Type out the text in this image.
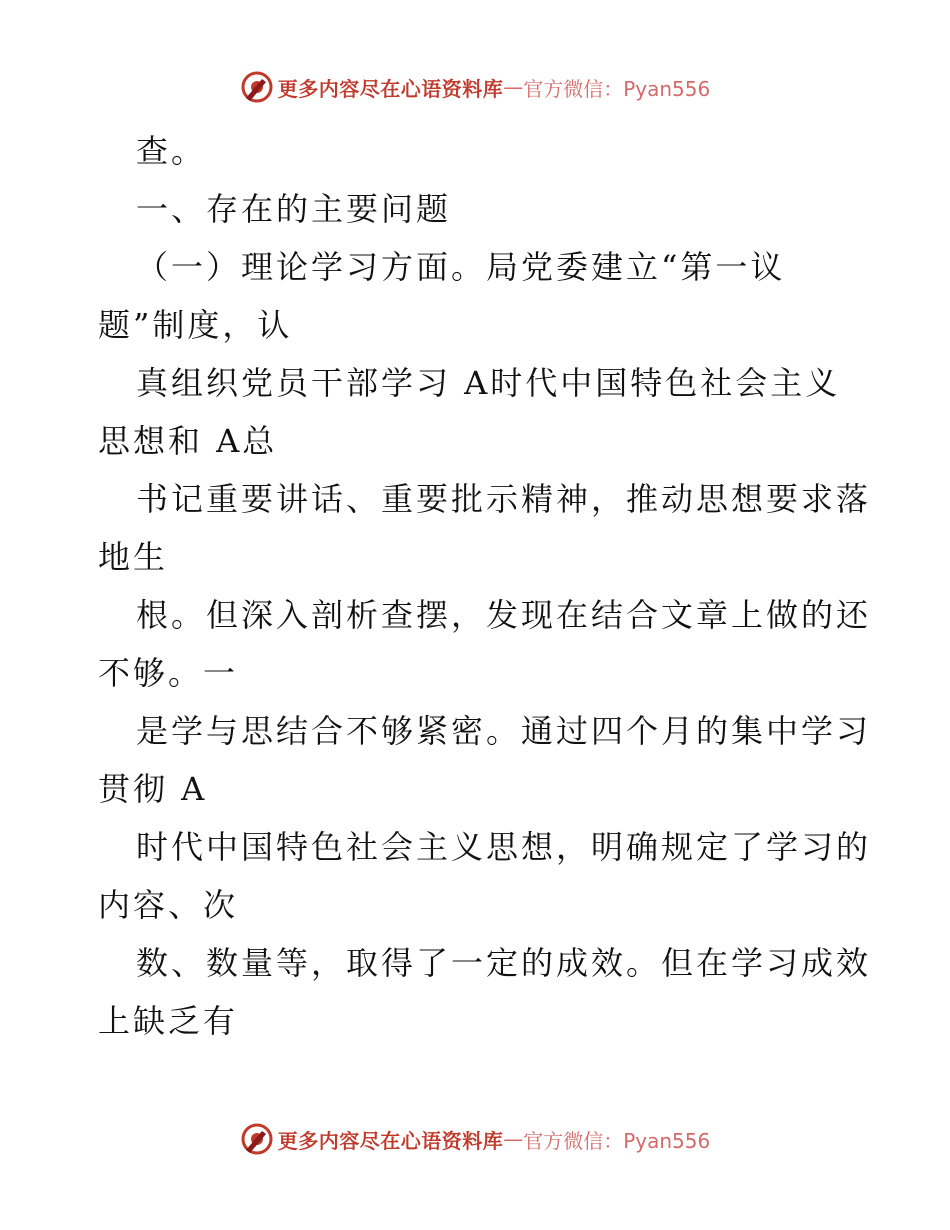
更多内容尽在心语资料库 — 官方微信：Pyan556
查。
一、存在的主要问题
（一）理论学习方面。局党委建立“第一议
题”制度，认
真组织党员干部学习 A时代中国特色社会主义
思想和 A总
书记重要讲话、重要批示精神，推动思想要求落
地生
根。但深入剖析查摆，发现在结合文章上做的还
不够。一
是学与思结合不够紧密。通过四个月的集中学习
贯彻 A
时代中国特色社会主义思想，明确规定了学习的
内容、次
数、数量等，取得了一定的成效。但在学习成效
上缺乏有
更多内容尽在心语资料库 — 官方微信：Pyan556
